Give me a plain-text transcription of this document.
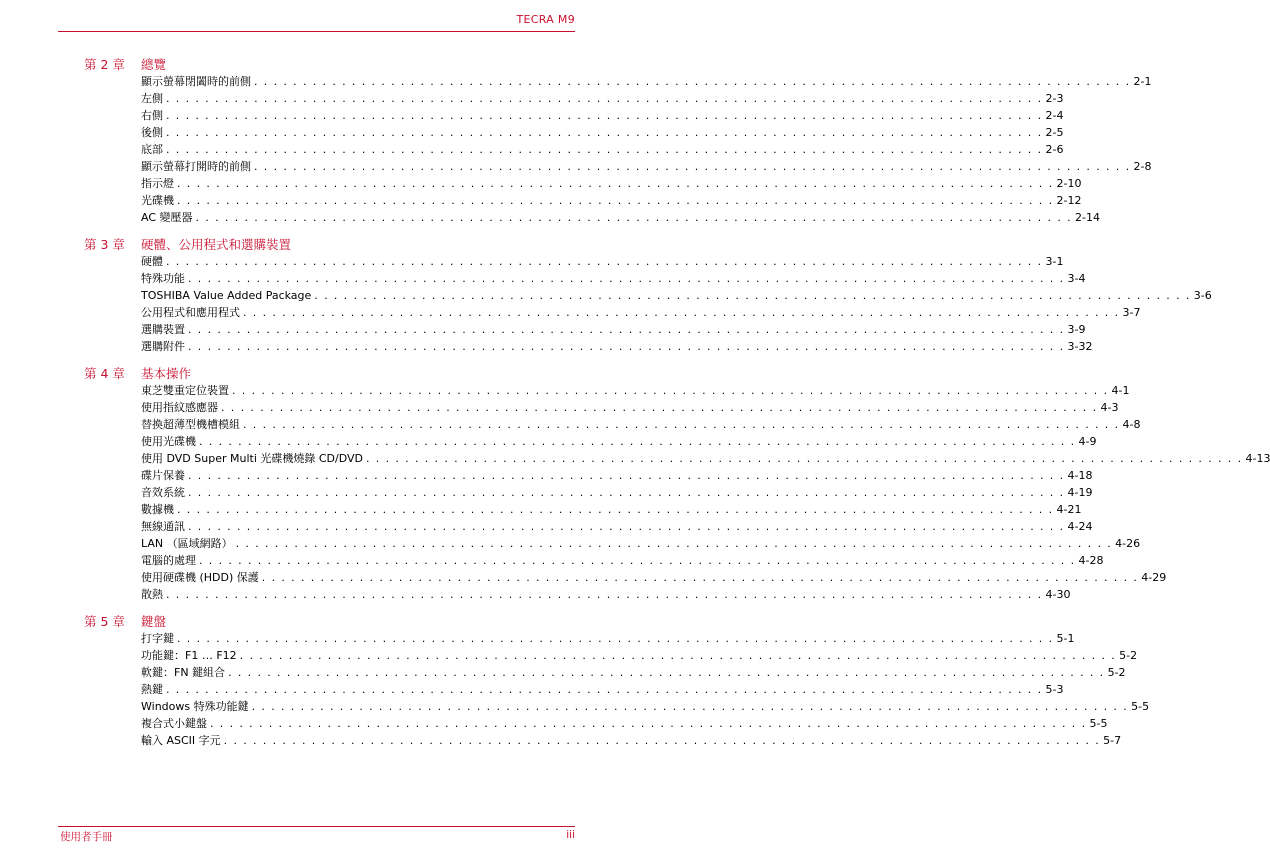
TECRA M9
第 2 章	總覽
顯示螢幕閉闔時的前側 . . . . . . . . . . . . . . . . . . . . . . . . . . . . . . . . . . . . . . . . . . . . . . . . . . . . . . . . . . . . . . . . . . . . . . . . . . . . . . . . . . . . . . . . . . 2-1
左側 . . . . . . . . . . . . . . . . . . . . . . . . . . . . . . . . . . . . . . . . . . . . . . . . . . . . . . . . . . . . . . . . . . . . . . . . . . . . . . . . . . . . . . . . . . 2-3
右側 . . . . . . . . . . . . . . . . . . . . . . . . . . . . . . . . . . . . . . . . . . . . . . . . . . . . . . . . . . . . . . . . . . . . . . . . . . . . . . . . . . . . . . . . . . 2-4
後側 . . . . . . . . . . . . . . . . . . . . . . . . . . . . . . . . . . . . . . . . . . . . . . . . . . . . . . . . . . . . . . . . . . . . . . . . . . . . . . . . . . . . . . . . . . 2-5
底部 . . . . . . . . . . . . . . . . . . . . . . . . . . . . . . . . . . . . . . . . . . . . . . . . . . . . . . . . . . . . . . . . . . . . . . . . . . . . . . . . . . . . . . . . . . 2-6
顯示螢幕打開時的前側 . . . . . . . . . . . . . . . . . . . . . . . . . . . . . . . . . . . . . . . . . . . . . . . . . . . . . . . . . . . . . . . . . . . . . . . . . . . . . . . . . . . . . . . . . . 2-8
指示燈 . . . . . . . . . . . . . . . . . . . . . . . . . . . . . . . . . . . . . . . . . . . . . . . . . . . . . . . . . . . . . . . . . . . . . . . . . . . . . . . . . . . . . . . . . . 2-10
光碟機 . . . . . . . . . . . . . . . . . . . . . . . . . . . . . . . . . . . . . . . . . . . . . . . . . . . . . . . . . . . . . . . . . . . . . . . . . . . . . . . . . . . . . . . . . . 2-12
AC 變壓器 . . . . . . . . . . . . . . . . . . . . . . . . . . . . . . . . . . . . . . . . . . . . . . . . . . . . . . . . . . . . . . . . . . . . . . . . . . . . . . . . . . . . . . . . . . 2-14
第 3 章	硬體、公用程式和選購裝置
硬體 . . . . . . . . . . . . . . . . . . . . . . . . . . . . . . . . . . . . . . . . . . . . . . . . . . . . . . . . . . . . . . . . . . . . . . . . . . . . . . . . . . . . . . . . . . 3-1
特殊功能 . . . . . . . . . . . . . . . . . . . . . . . . . . . . . . . . . . . . . . . . . . . . . . . . . . . . . . . . . . . . . . . . . . . . . . . . . . . . . . . . . . . . . . . . . . 3-4
TOSHIBA Value Added Package . . . . . . . . . . . . . . . . . . . . . . . . . . . . . . . . . . . . . . . . . . . . . . . . . . . . . . . . . . . . . . . . . . . . . . . . . . . . . . . . . . . . . . . . . . 3-6
公用程式和應用程式 . . . . . . . . . . . . . . . . . . . . . . . . . . . . . . . . . . . . . . . . . . . . . . . . . . . . . . . . . . . . . . . . . . . . . . . . . . . . . . . . . . . . . . . . . . 3-7
選購裝置 . . . . . . . . . . . . . . . . . . . . . . . . . . . . . . . . . . . . . . . . . . . . . . . . . . . . . . . . . . . . . . . . . . . . . . . . . . . . . . . . . . . . . . . . . . 3-9
選購附件 . . . . . . . . . . . . . . . . . . . . . . . . . . . . . . . . . . . . . . . . . . . . . . . . . . . . . . . . . . . . . . . . . . . . . . . . . . . . . . . . . . . . . . . . . . 3-32
第 4 章	基本操作
東芝雙重定位裝置 . . . . . . . . . . . . . . . . . . . . . . . . . . . . . . . . . . . . . . . . . . . . . . . . . . . . . . . . . . . . . . . . . . . . . . . . . . . . . . . . . . . . . . . . . . 4-1
使用指紋感應器 . . . . . . . . . . . . . . . . . . . . . . . . . . . . . . . . . . . . . . . . . . . . . . . . . . . . . . . . . . . . . . . . . . . . . . . . . . . . . . . . . . . . . . . . . . 4-3
替換超薄型機槽模組 . . . . . . . . . . . . . . . . . . . . . . . . . . . . . . . . . . . . . . . . . . . . . . . . . . . . . . . . . . . . . . . . . . . . . . . . . . . . . . . . . . . . . . . . . . 4-8
使用光碟機 . . . . . . . . . . . . . . . . . . . . . . . . . . . . . . . . . . . . . . . . . . . . . . . . . . . . . . . . . . . . . . . . . . . . . . . . . . . . . . . . . . . . . . . . . . 4-9
使用 DVD Super Multi 光碟機燒錄 CD/DVD . . . . . . . . . . . . . . . . . . . . . . . . . . . . . . . . . . . . . . . . . . . . . . . . . . . . . . . . . . . . . . . . . . . . . . . . . . . . . . . . . . . . . . . . . . 4-13
碟片保養 . . . . . . . . . . . . . . . . . . . . . . . . . . . . . . . . . . . . . . . . . . . . . . . . . . . . . . . . . . . . . . . . . . . . . . . . . . . . . . . . . . . . . . . . . . 4-18
音效系統 . . . . . . . . . . . . . . . . . . . . . . . . . . . . . . . . . . . . . . . . . . . . . . . . . . . . . . . . . . . . . . . . . . . . . . . . . . . . . . . . . . . . . . . . . . 4-19
數據機 . . . . . . . . . . . . . . . . . . . . . . . . . . . . . . . . . . . . . . . . . . . . . . . . . . . . . . . . . . . . . . . . . . . . . . . . . . . . . . . . . . . . . . . . . . 4-21
無線通訊 . . . . . . . . . . . . . . . . . . . . . . . . . . . . . . . . . . . . . . . . . . . . . . . . . . . . . . . . . . . . . . . . . . . . . . . . . . . . . . . . . . . . . . . . . . 4-24
LAN （區域網路） . . . . . . . . . . . . . . . . . . . . . . . . . . . . . . . . . . . . . . . . . . . . . . . . . . . . . . . . . . . . . . . . . . . . . . . . . . . . . . . . . . . . . . . . . . 4-26
電腦的處理 . . . . . . . . . . . . . . . . . . . . . . . . . . . . . . . . . . . . . . . . . . . . . . . . . . . . . . . . . . . . . . . . . . . . . . . . . . . . . . . . . . . . . . . . . . 4-28
使用硬碟機 (HDD) 保護 . . . . . . . . . . . . . . . . . . . . . . . . . . . . . . . . . . . . . . . . . . . . . . . . . . . . . . . . . . . . . . . . . . . . . . . . . . . . . . . . . . . . . . . . . . 4-29
散熱 . . . . . . . . . . . . . . . . . . . . . . . . . . . . . . . . . . . . . . . . . . . . . . . . . . . . . . . . . . . . . . . . . . . . . . . . . . . . . . . . . . . . . . . . . . 4-30
第 5 章	鍵盤
打字鍵 . . . . . . . . . . . . . . . . . . . . . . . . . . . . . . . . . . . . . . . . . . . . . . . . . . . . . . . . . . . . . . . . . . . . . . . . . . . . . . . . . . . . . . . . . . 5-1
功能鍵：F1 … F12 . . . . . . . . . . . . . . . . . . . . . . . . . . . . . . . . . . . . . . . . . . . . . . . . . . . . . . . . . . . . . . . . . . . . . . . . . . . . . . . . . . . . . . . . . . 5-2
軟鍵：FN 鍵組合 . . . . . . . . . . . . . . . . . . . . . . . . . . . . . . . . . . . . . . . . . . . . . . . . . . . . . . . . . . . . . . . . . . . . . . . . . . . . . . . . . . . . . . . . . . 5-2
熱鍵 . . . . . . . . . . . . . . . . . . . . . . . . . . . . . . . . . . . . . . . . . . . . . . . . . . . . . . . . . . . . . . . . . . . . . . . . . . . . . . . . . . . . . . . . . . 5-3
Windows 特殊功能鍵 . . . . . . . . . . . . . . . . . . . . . . . . . . . . . . . . . . . . . . . . . . . . . . . . . . . . . . . . . . . . . . . . . . . . . . . . . . . . . . . . . . . . . . . . . . 5-5
複合式小鍵盤 . . . . . . . . . . . . . . . . . . . . . . . . . . . . . . . . . . . . . . . . . . . . . . . . . . . . . . . . . . . . . . . . . . . . . . . . . . . . . . . . . . . . . . . . . . 5-5
輸入 ASCII 字元 . . . . . . . . . . . . . . . . . . . . . . . . . . . . . . . . . . . . . . . . . . . . . . . . . . . . . . . . . . . . . . . . . . . . . . . . . . . . . . . . . . . . . . . . . . 5-7
使用者手冊	iii
